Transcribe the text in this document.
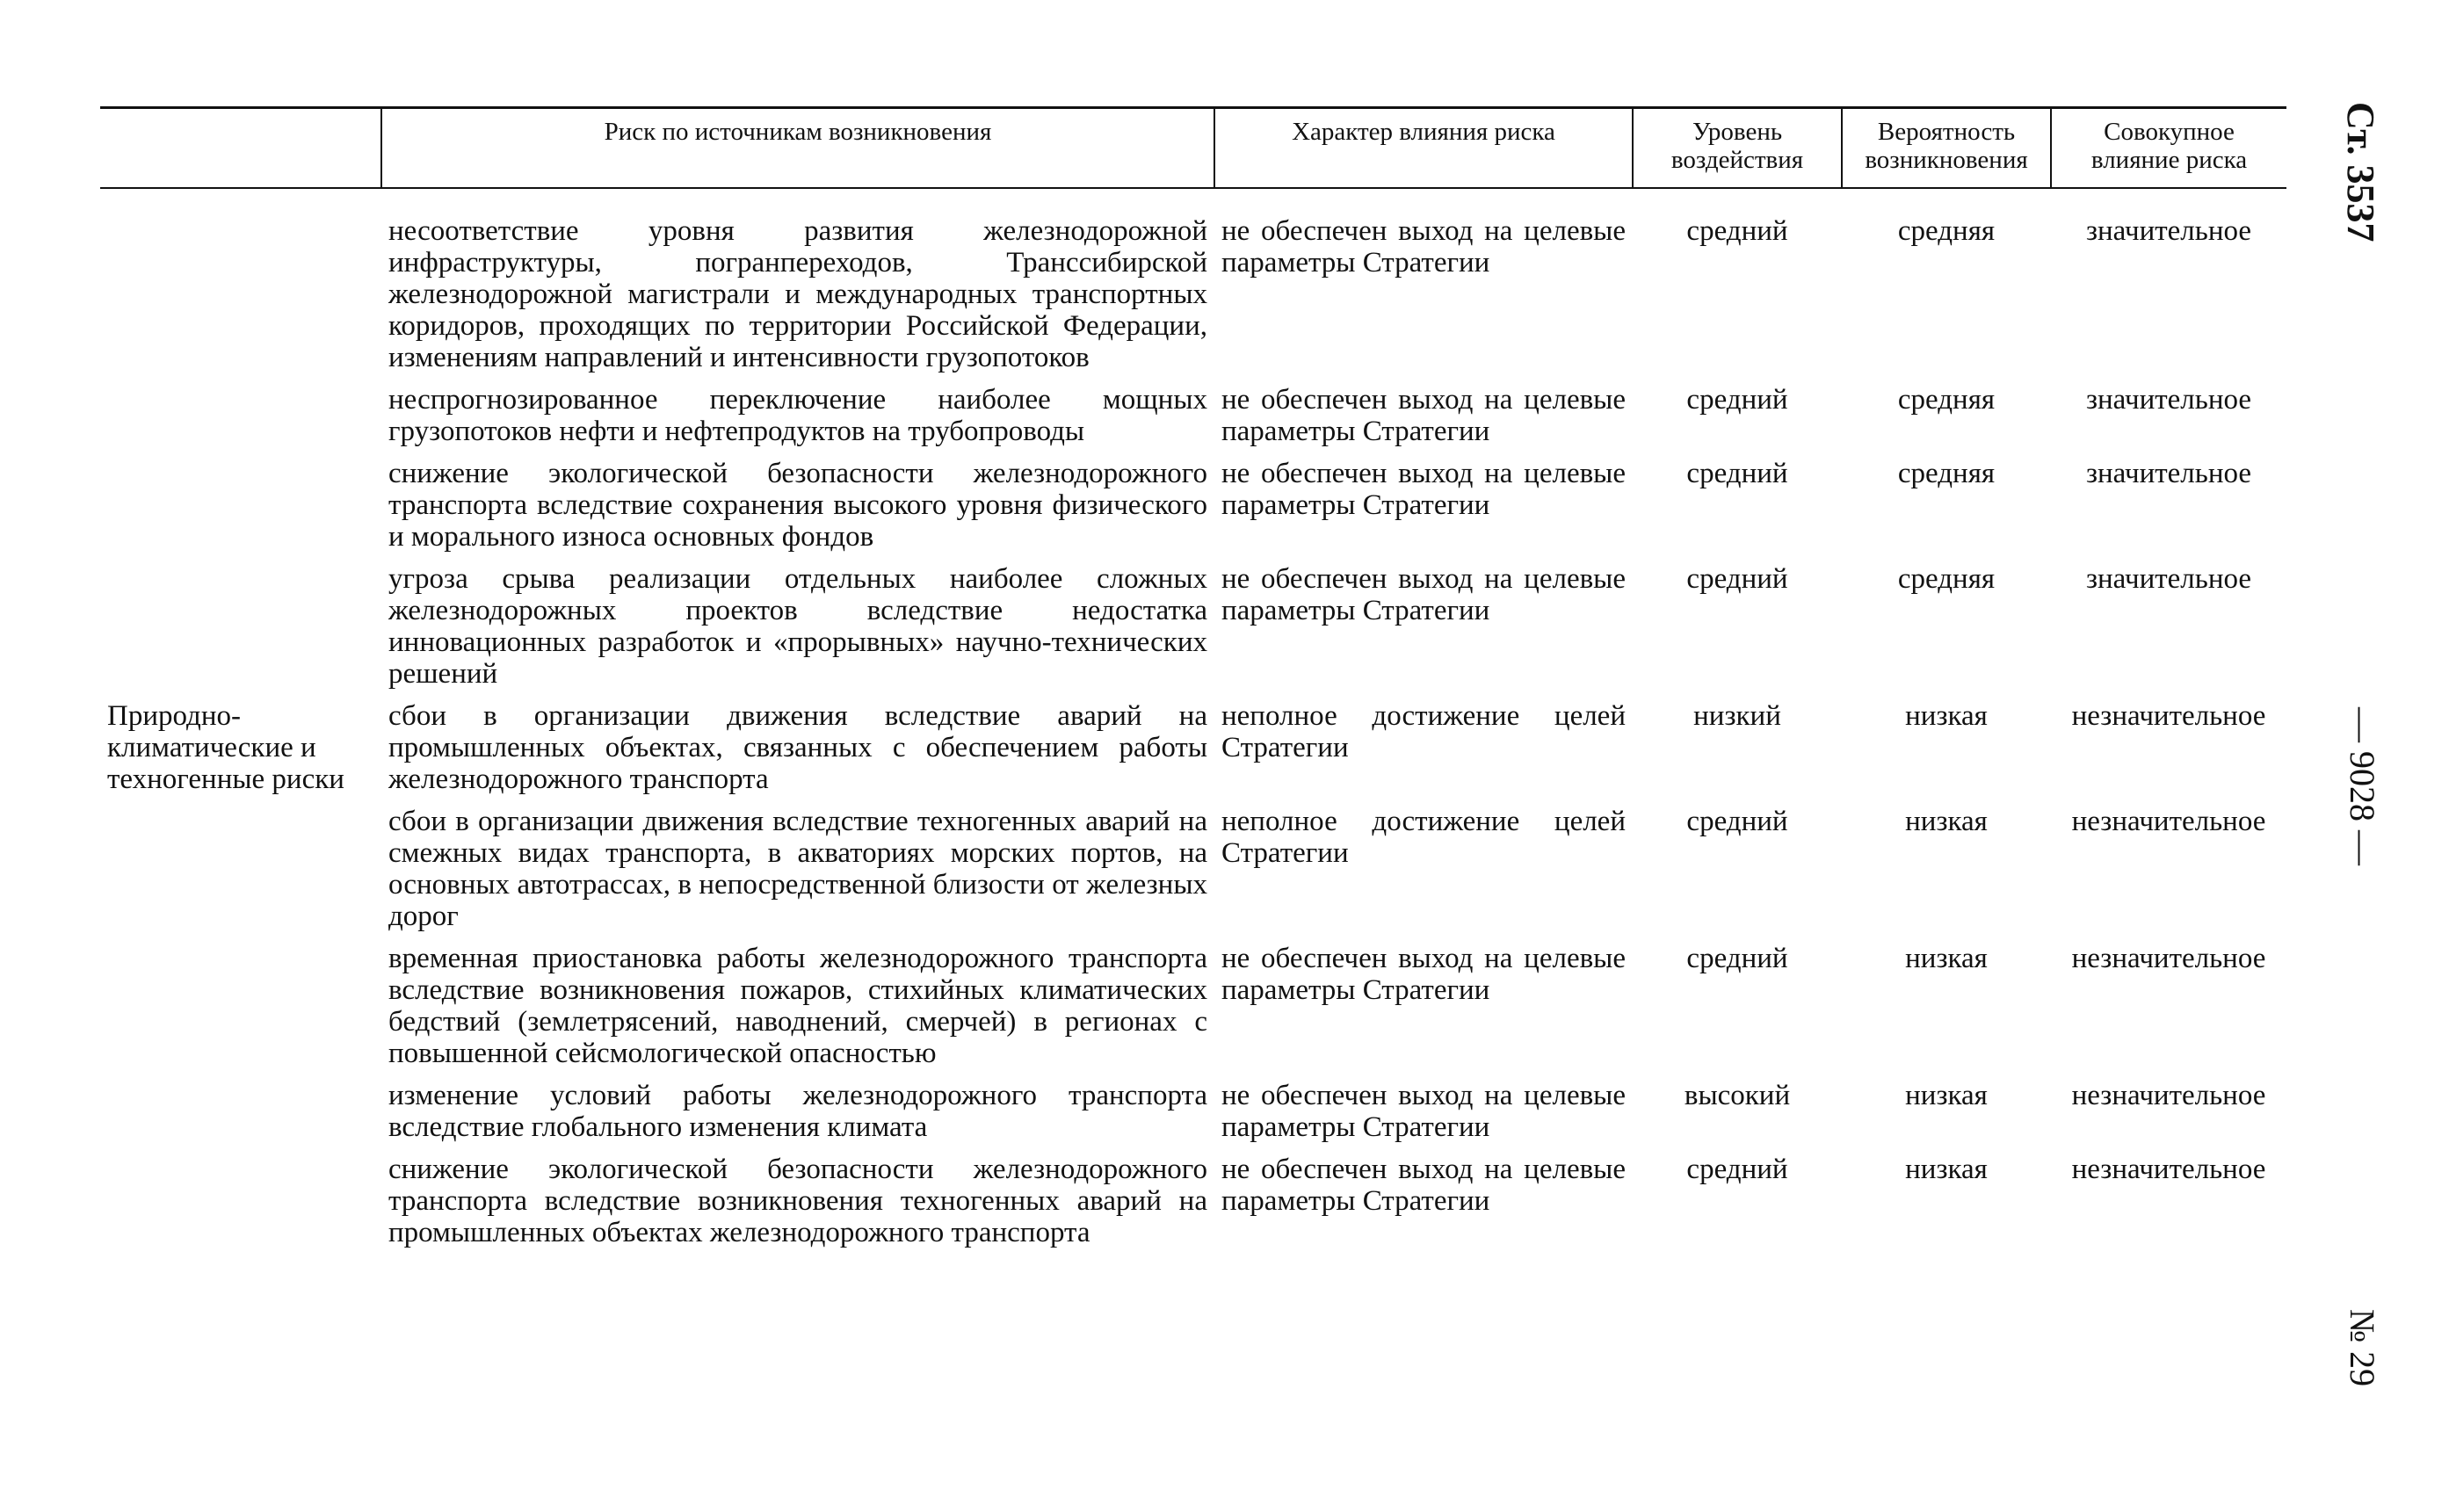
	Риск по источникам возникновения	Характер влияния риска	Уровень воздействия	Вероятность возникновения	Совокупное влияние риска
	несоответствие уровня развития железнодорожной инфраструктуры, погранпереходов, Транссибирской железнодорожной магистрали и международных транспортных коридоров, проходящих по территории Российской Федерации, изменениям направлений и интенсивности грузопотоков	не обеспечен выход на целевые параметры Стратегии	средний	средняя	значительное
	неспрогнозированное переключение наиболее мощных грузопотоков нефти и нефтепродуктов на трубопроводы	не обеспечен выход на целевые параметры Стратегии	средний	средняя	значительное
	снижение экологической безопасности железнодорожного транспорта вследствие сохранения высокого уровня физического и морального износа основных фондов	не обеспечен выход на целевые параметры Стратегии	средний	средняя	значительное
	угроза срыва реализации отдельных наиболее сложных железнодорожных проектов вследствие недостатка инновационных разработок и «прорывных» научно-технических решений	не обеспечен выход на целевые параметры Стратегии	средний	средняя	значительное
Природно-климатические и техногенные риски	сбои в организации движения вследствие аварий на промышленных объектах, связанных с обеспечением работы железнодорожного транспорта	неполное достижение целей Стратегии	низкий	низкая	незначительное
	сбои в организации движения вследствие техногенных аварий на смежных видах транспорта, в акваториях морских портов, на основных автотрассах, в непосредственной близости от железных дорог	неполное достижение целей Стратегии	средний	низкая	незначительное
	временная приостановка работы железнодорожного транспорта вследствие возникновения пожаров, стихийных климатических бедствий (землетрясений, наводнений, смерчей) в регионах с повышенной сейсмологической опасностью	не обеспечен выход на целевые параметры Стратегии	средний	низкая	незначительное
	изменение условий работы железнодорожного транспорта вследствие глобального изменения климата	не обеспечен выход на целевые параметры Стратегии	высокий	низкая	незначительное
	снижение экологической безопасности железнодорожного транспорта вследствие возникновения техногенных аварий на промышленных объектах железнодорожного транспорта	не обеспечен выход на целевые параметры Стратегии	средний	низкая	незначительное
Ст. 3537
— 9028 —
№ 29
